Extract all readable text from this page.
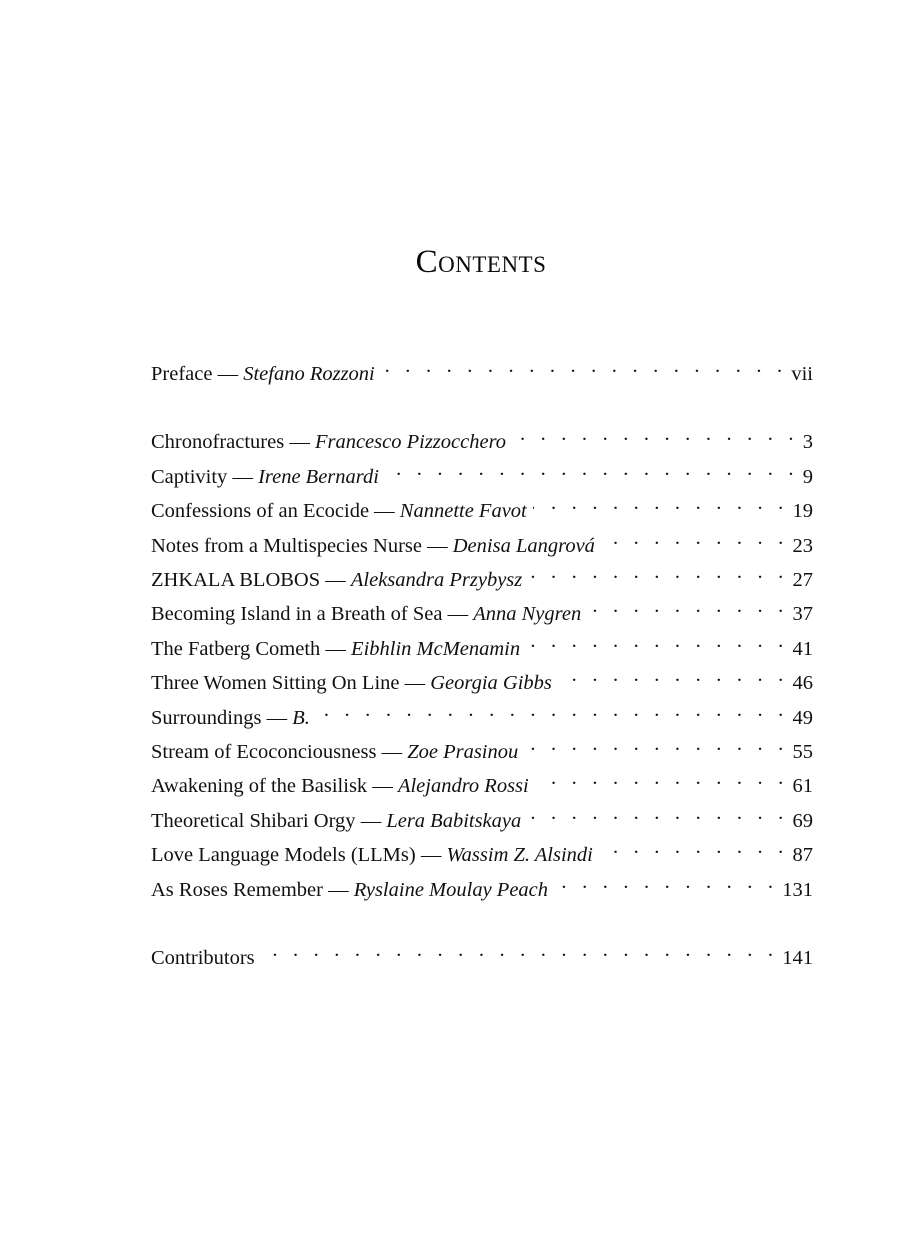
Contents
Preface — Stefano Rozzoni . . .	vii
Chronofractures — Francesco Pizzocchero . . .	3
Captivity — Irene Bernardi . . .	9
Confessions of an Ecocide — Nannette Favot . . .	19
Notes from a Multispecies Nurse — Denisa Langrová . . .	23
ZHKALA BLOBOS — Aleksandra Przybysz . . .	27
Becoming Island in a Breath of Sea — Anna Nygren . . .	37
The Fatberg Cometh — Eibhlin McMenamin . . .	41
Three Women Sitting On Line — Georgia Gibbs . . .	46
Surroundings — B. . . .	49
Stream of Ecoconciousness — Zoe Prasinou . . .	55
Awakening of the Basilisk — Alejandro Rossi . . .	61
Theoretical Shibari Orgy — Lera Babitskaya . . .	69
Love Language Models (LLMs) — Wassim Z. Alsindi . . .	87
As Roses Remember — Ryslaine Moulay Peach . . .	131
Contributors . . .	141
